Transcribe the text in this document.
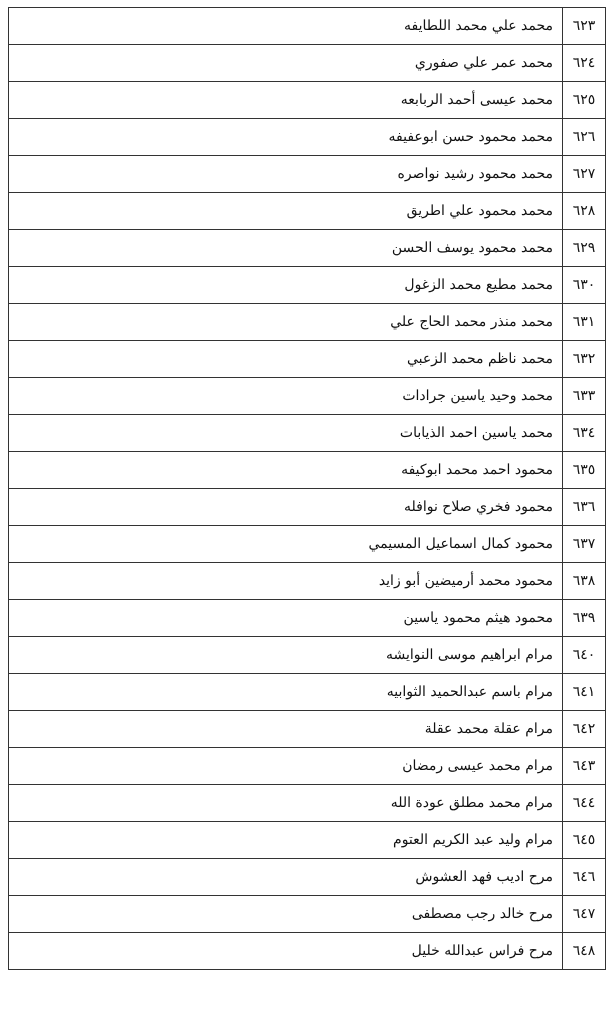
٦٢٣	محمد علي محمد اللطايفه
٦٢٤	محمد عمر علي صفوري
٦٢٥	محمد عيسى أحمد الربابعه
٦٢٦	محمد محمود حسن ابوعفيفه
٦٢٧	محمد محمود رشيد نواصره
٦٢٨	محمد محمود علي اطريق
٦٢٩	محمد محمود يوسف الحسن
٦٣٠	محمد مطيع محمد الزغول
٦٣١	محمد منذر محمد الحاج علي
٦٣٢	محمد ناظم محمد الزعبي
٦٣٣	محمد وحيد ياسين جرادات
٦٣٤	محمد ياسين احمد الذيابات
٦٣٥	محمود احمد محمد ابوكيفه
٦٣٦	محمود فخري صلاح نوافله
٦٣٧	محمود كمال اسماعيل المسيمي
٦٣٨	محمود محمد أرميضين أبو زايد
٦٣٩	محمود هيثم محمود ياسين
٦٤٠	مرام ابراهيم موسى النوايشه
٦٤١	مرام باسم عبدالحميد الثوابيه
٦٤٢	مرام عقلة محمد عقلة
٦٤٣	مرام محمد عيسى رمضان
٦٤٤	مرام محمد مطلق عودة الله
٦٤٥	مرام وليد عبد الكريم العتوم
٦٤٦	مرح اديب فهد العشوش
٦٤٧	مرح خالد رجب مصطفى
٦٤٨	مرح فراس عبدالله خليل
